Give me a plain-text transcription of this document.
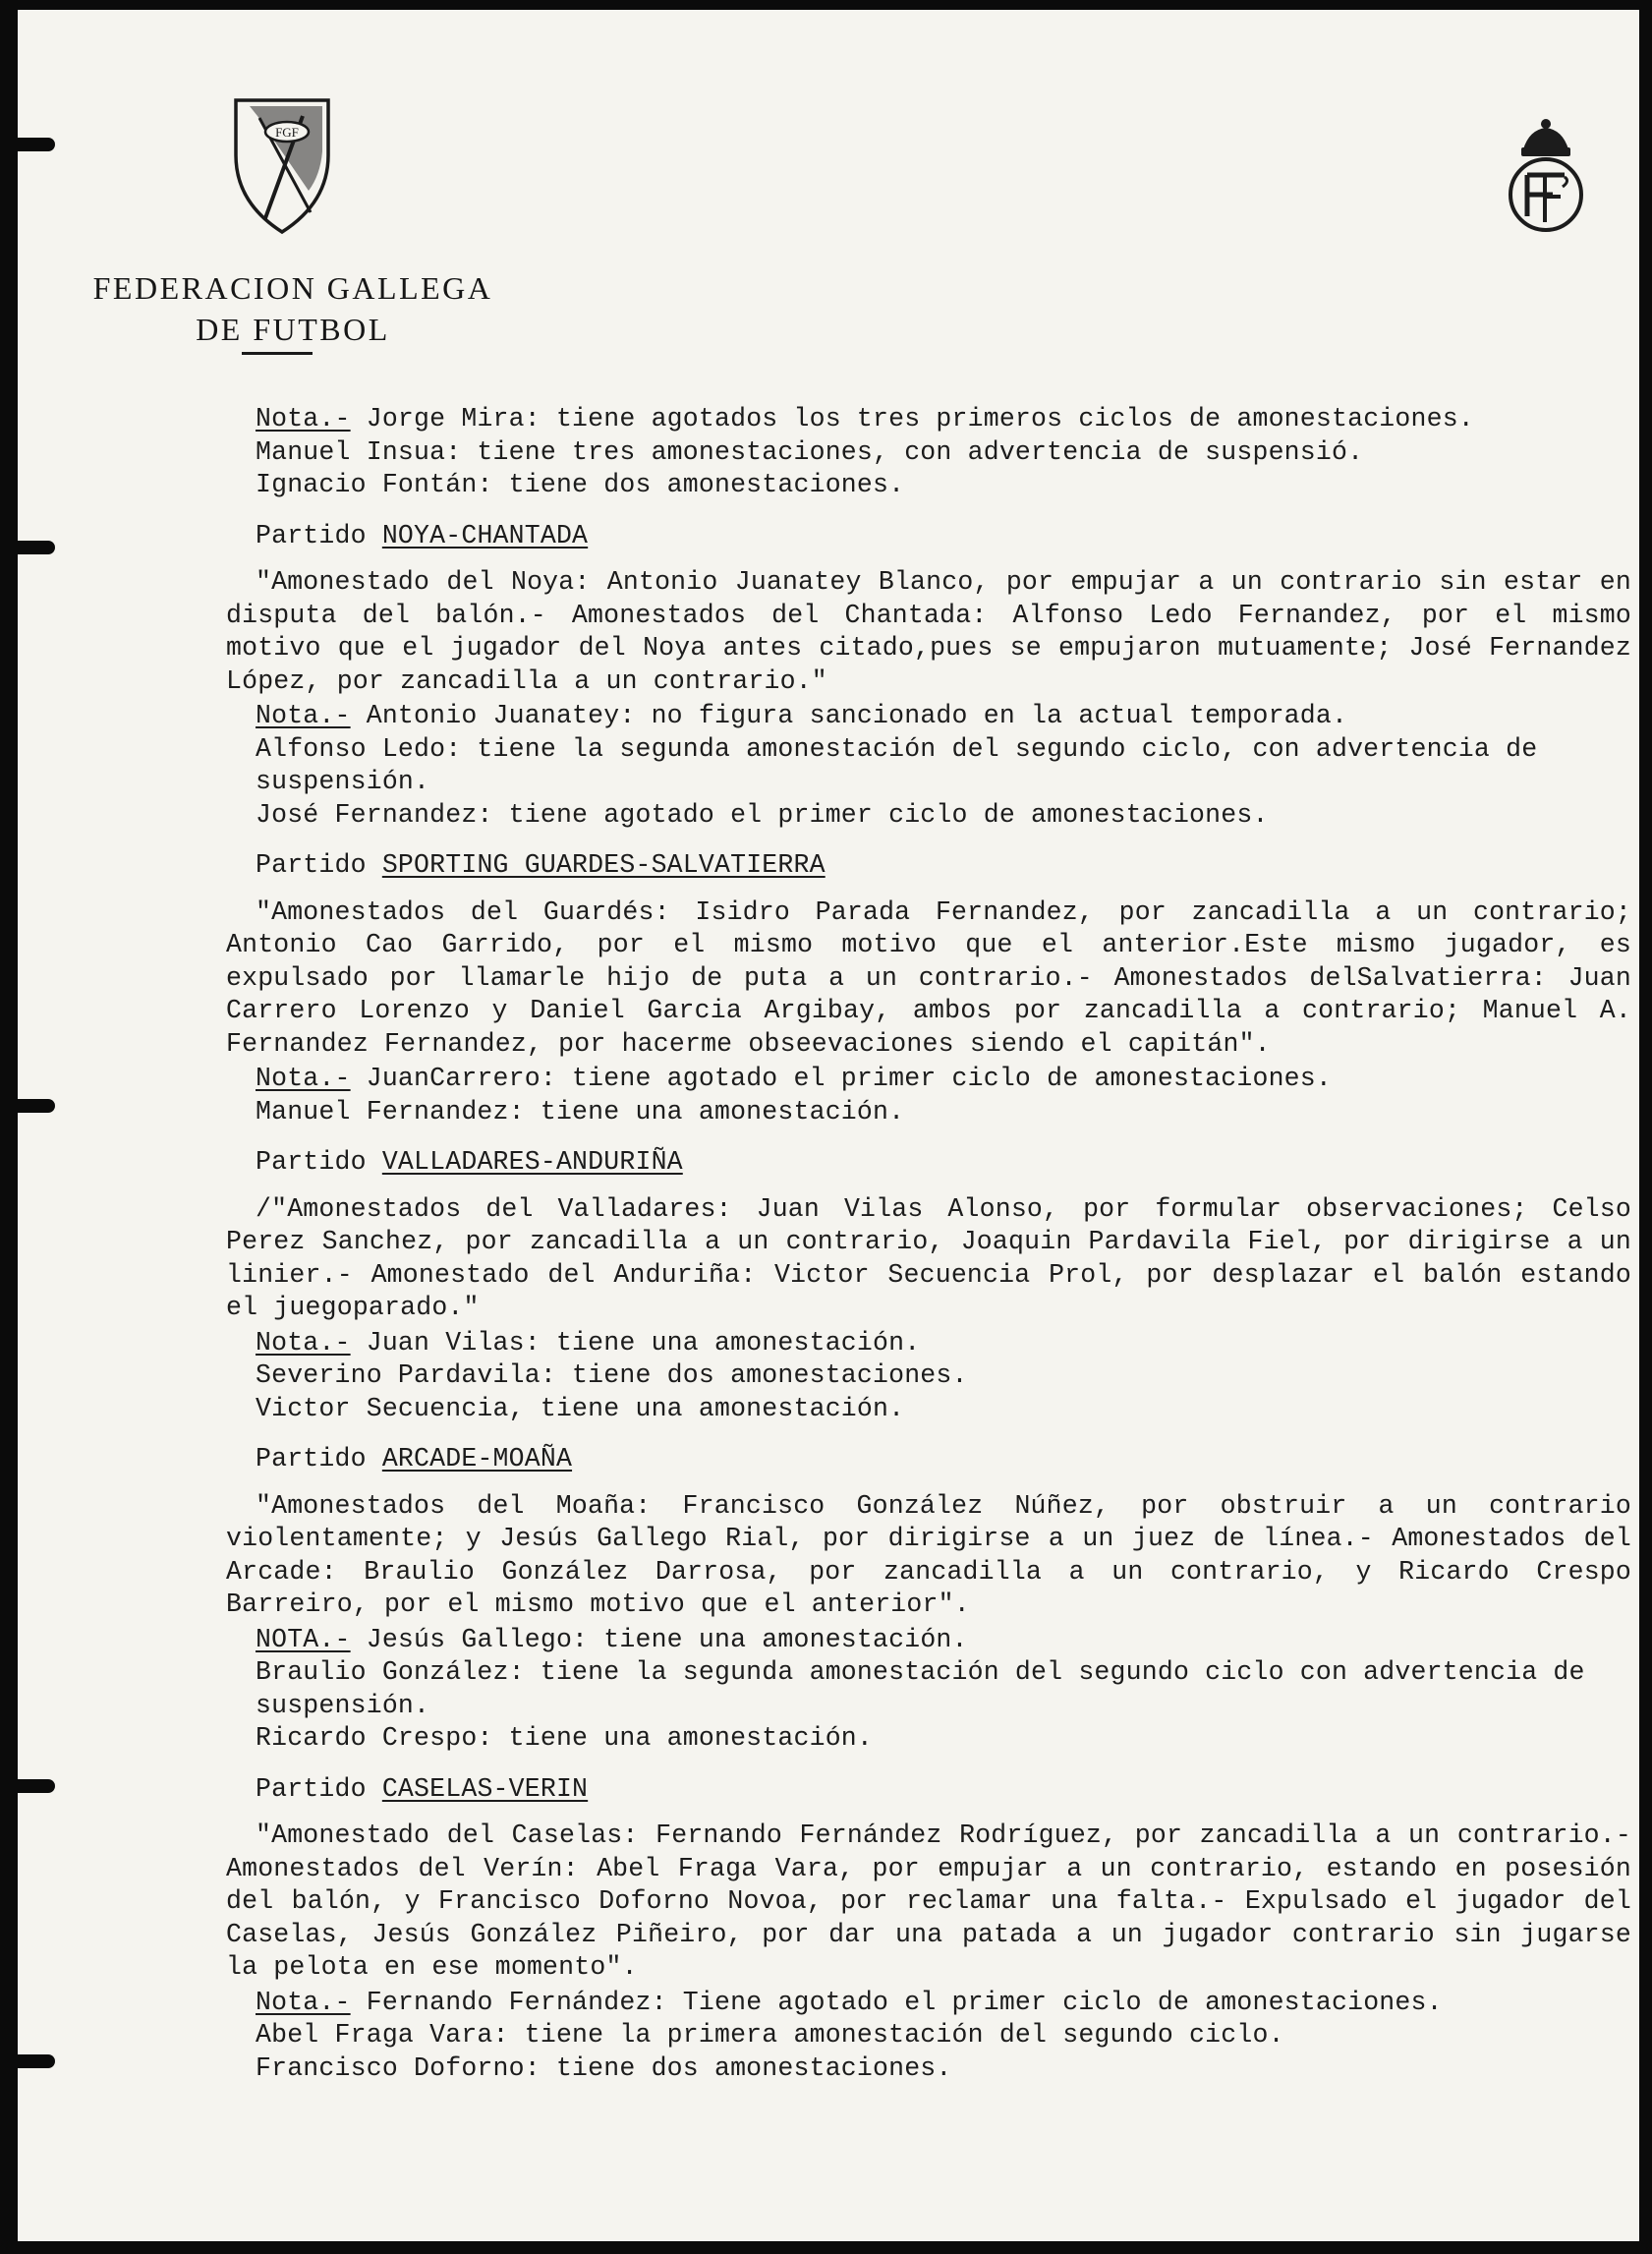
FGF
FEDERACION GALLEGA
DE FUTBOL

Nota.- Jorge Mira: tiene agotados los tres primeros ciclos de amonestaciones.

Manuel Insua: tiene tres amonestaciones, con advertencia de suspensió.

Ignacio Fontán: tiene dos amonestaciones.

Partido NOYA-CHANTADA

"Amonestado del Noya: Antonio Juanatey Blanco, por empujar a un contrario sin estar en disputa del balón.- Amonestados del Chantada: Alfonso Ledo Fernandez, por el mismo motivo que el jugador del Noya antes citado,pues se empujaron mutuamente; José Fernandez López, por zancadilla a un contrario."

Nota.- Antonio Juanatey: no figura sancionado en la actual temporada.

Alfonso Ledo: tiene la segunda amonestación del segundo ciclo, con advertencia de suspensión.

José Fernandez: tiene agotado el primer ciclo de amonestaciones.

Partido SPORTING GUARDES-SALVATIERRA

"Amonestados del Guardés: Isidro Parada Fernandez, por zancadilla a un contrario; Antonio Cao Garrido, por el mismo motivo que el anterior.Este mismo jugador, es expulsado por llamarle hijo de puta a un contrario.- Amonestados delSalvatierra: Juan Carrero Lorenzo y Daniel Garcia Argibay, ambos por zancadilla a contrario; Manuel A. Fernandez Fernandez, por hacerme obseevaciones siendo el capitán".

Nota.- JuanCarrero: tiene agotado el primer ciclo de amonestaciones.

Manuel Fernandez: tiene una amonestación.

Partido VALLADARES-ANDURIÑA

/"Amonestados del Valladares: Juan Vilas Alonso, por formular observaciones; Celso Perez Sanchez, por zancadilla a un contrario, Joaquin Pardavila Fiel, por dirigirse a un linier.- Amonestado del Anduriña: Victor Secuencia Prol, por desplazar el balón estando el juegoparado."

Nota.- Juan Vilas: tiene una amonestación.

Severino Pardavila: tiene dos amonestaciones.

Victor Secuencia, tiene una amonestación.

Partido ARCADE-MOAÑA

"Amonestados del Moaña: Francisco González Núñez, por obstruir a un contrario violentamente; y Jesús Gallego Rial, por dirigirse a un juez de línea.- Amonestados del Arcade: Braulio González Darrosa, por zancadilla a un contrario, y Ricardo Crespo Barreiro, por el mismo motivo que el anterior".

NOTA.- Jesús Gallego: tiene una amonestación.

Braulio González: tiene la segunda amonestación del segundo ciclo con advertencia de suspensión.

Ricardo Crespo: tiene una amonestación.

Partido CASELAS-VERIN

"Amonestado del Caselas: Fernando Fernández Rodríguez, por zancadilla a un contrario.- Amonestados del Verín: Abel Fraga Vara, por empujar a un contrario, estando en posesión del balón, y Francisco Doforno Novoa, por reclamar una falta.- Expulsado el jugador del Caselas, Jesús González Piñeiro, por dar una patada a un jugador contrario sin jugarse la pelota en ese momento".

Nota.- Fernando Fernández: Tiene agotado el primer ciclo de amonestaciones.

Abel Fraga Vara: tiene la primera amonestación del segundo ciclo.

Francisco Doforno: tiene dos amonestaciones.
